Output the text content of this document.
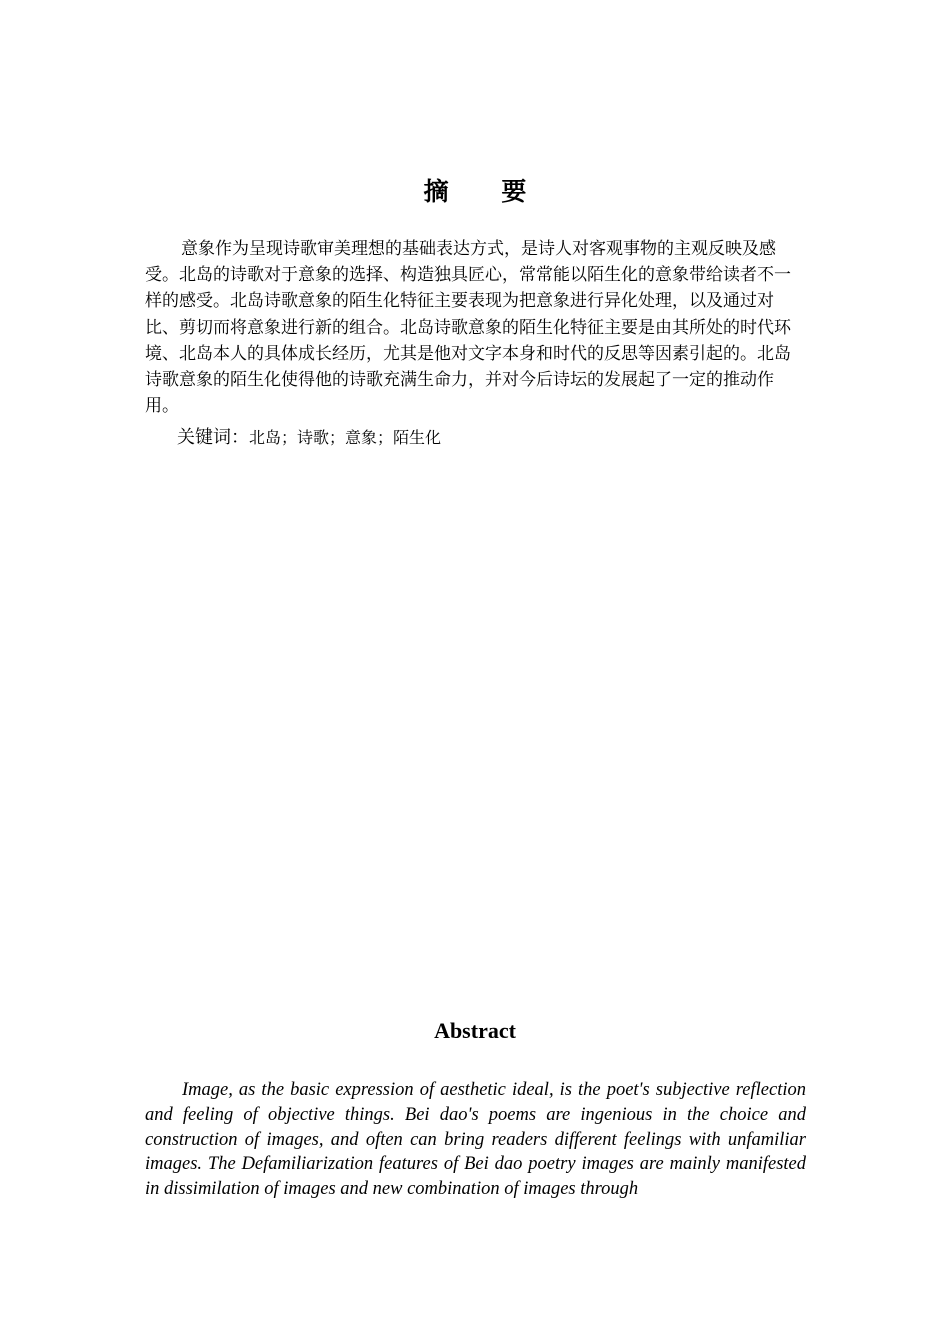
摘 要

意象作为呈现诗歌审美理想的基础表达方式，是诗人对客观事物的主观反映及感受。北岛的诗歌对于意象的选择、构造独具匠心，常常能以陌生化的意象带给读者不一样的感受。北岛诗歌意象的陌生化特征主要表现为把意象进行异化处理，以及通过对比、剪切而将意象进行新的组合。北岛诗歌意象的陌生化特征主要是由其所处的时代环境、北岛本人的具体成长经历，尤其是他对文字本身和时代的反思等因素引起的。北岛诗歌意象的陌生化使得他的诗歌充满生命力，并对今后诗坛的发展起了一定的推动作用。

关键词：北岛；诗歌；意象；陌生化

Abstract

Image, as the basic expression of aesthetic ideal, is the poet's subjective reflection and feeling of objective things. Bei dao's poems are ingenious in the choice and construction of images, and often can bring readers different feelings with unfamiliar images. The Defamiliarization features of Bei dao poetry images are mainly manifested in dissimilation of images and new combination of images through
